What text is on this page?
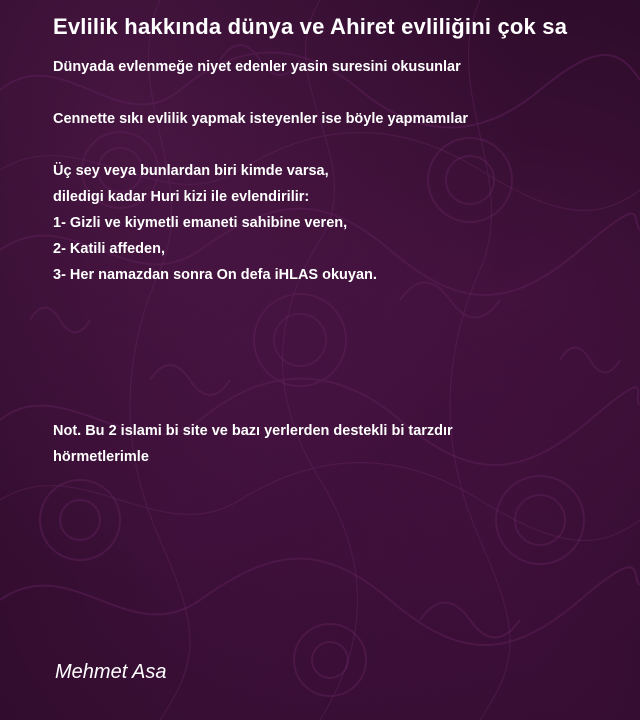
Evlilik hakkında dünya ve Ahiret evliliğini çok sa
Dünyada evlenmeğe niyet edenler yasin suresini okusunlar
Cennette sıkı evlilik yapmak isteyenler ise böyle yapmamılar
Üç sey veya bunlardan biri kimde varsa,
diledigi kadar Huri kizi ile evlendirilir:
1- Gizli ve kiymetli emaneti sahibine veren,
2- Katili affeden,
3- Her namazdan sonra On defa iHLAS okuyan.
Not. Bu 2 islami bi site ve bazı yerlerden destekli bi tarzdır
hörmetlerimle
Mehmet Asa
